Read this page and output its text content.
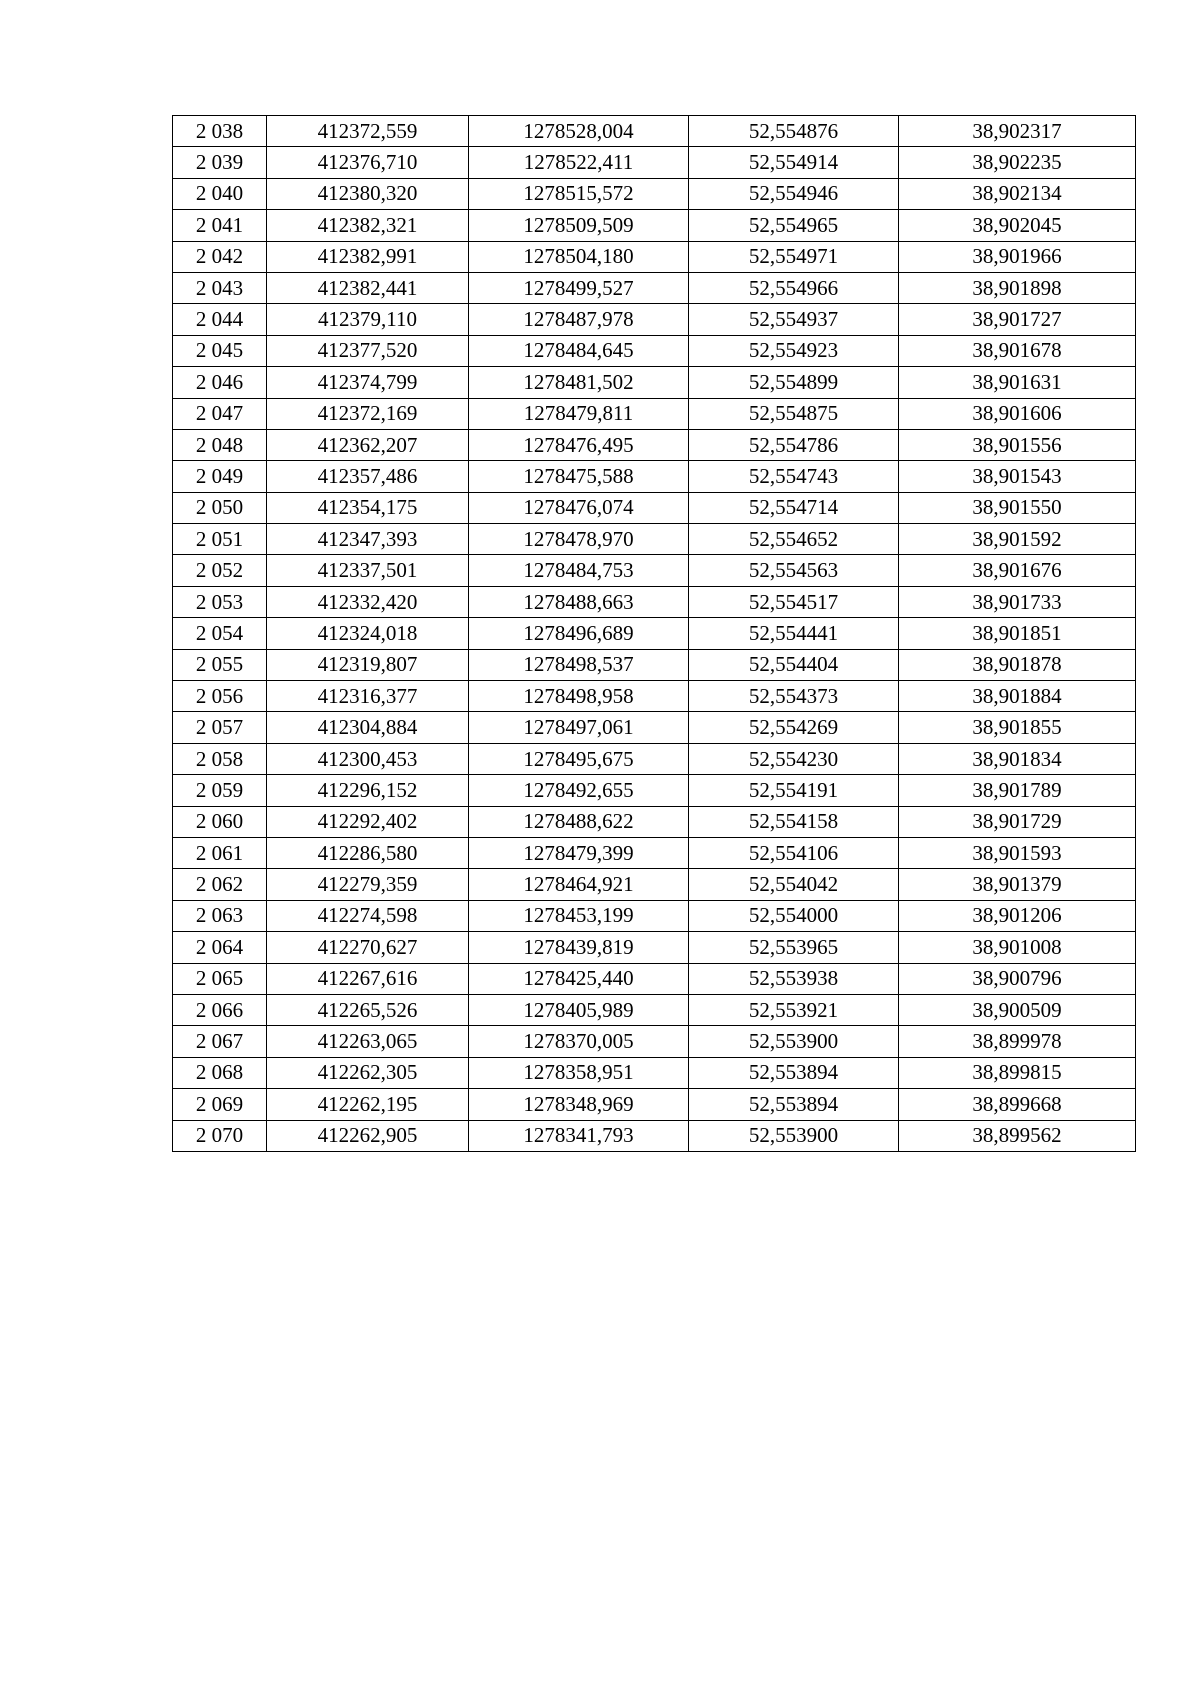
2 038	412372,559	1278528,004	52,554876	38,902317
2 039	412376,710	1278522,411	52,554914	38,902235
2 040	412380,320	1278515,572	52,554946	38,902134
2 041	412382,321	1278509,509	52,554965	38,902045
2 042	412382,991	1278504,180	52,554971	38,901966
2 043	412382,441	1278499,527	52,554966	38,901898
2 044	412379,110	1278487,978	52,554937	38,901727
2 045	412377,520	1278484,645	52,554923	38,901678
2 046	412374,799	1278481,502	52,554899	38,901631
2 047	412372,169	1278479,811	52,554875	38,901606
2 048	412362,207	1278476,495	52,554786	38,901556
2 049	412357,486	1278475,588	52,554743	38,901543
2 050	412354,175	1278476,074	52,554714	38,901550
2 051	412347,393	1278478,970	52,554652	38,901592
2 052	412337,501	1278484,753	52,554563	38,901676
2 053	412332,420	1278488,663	52,554517	38,901733
2 054	412324,018	1278496,689	52,554441	38,901851
2 055	412319,807	1278498,537	52,554404	38,901878
2 056	412316,377	1278498,958	52,554373	38,901884
2 057	412304,884	1278497,061	52,554269	38,901855
2 058	412300,453	1278495,675	52,554230	38,901834
2 059	412296,152	1278492,655	52,554191	38,901789
2 060	412292,402	1278488,622	52,554158	38,901729
2 061	412286,580	1278479,399	52,554106	38,901593
2 062	412279,359	1278464,921	52,554042	38,901379
2 063	412274,598	1278453,199	52,554000	38,901206
2 064	412270,627	1278439,819	52,553965	38,901008
2 065	412267,616	1278425,440	52,553938	38,900796
2 066	412265,526	1278405,989	52,553921	38,900509
2 067	412263,065	1278370,005	52,553900	38,899978
2 068	412262,305	1278358,951	52,553894	38,899815
2 069	412262,195	1278348,969	52,553894	38,899668
2 070	412262,905	1278341,793	52,553900	38,899562
